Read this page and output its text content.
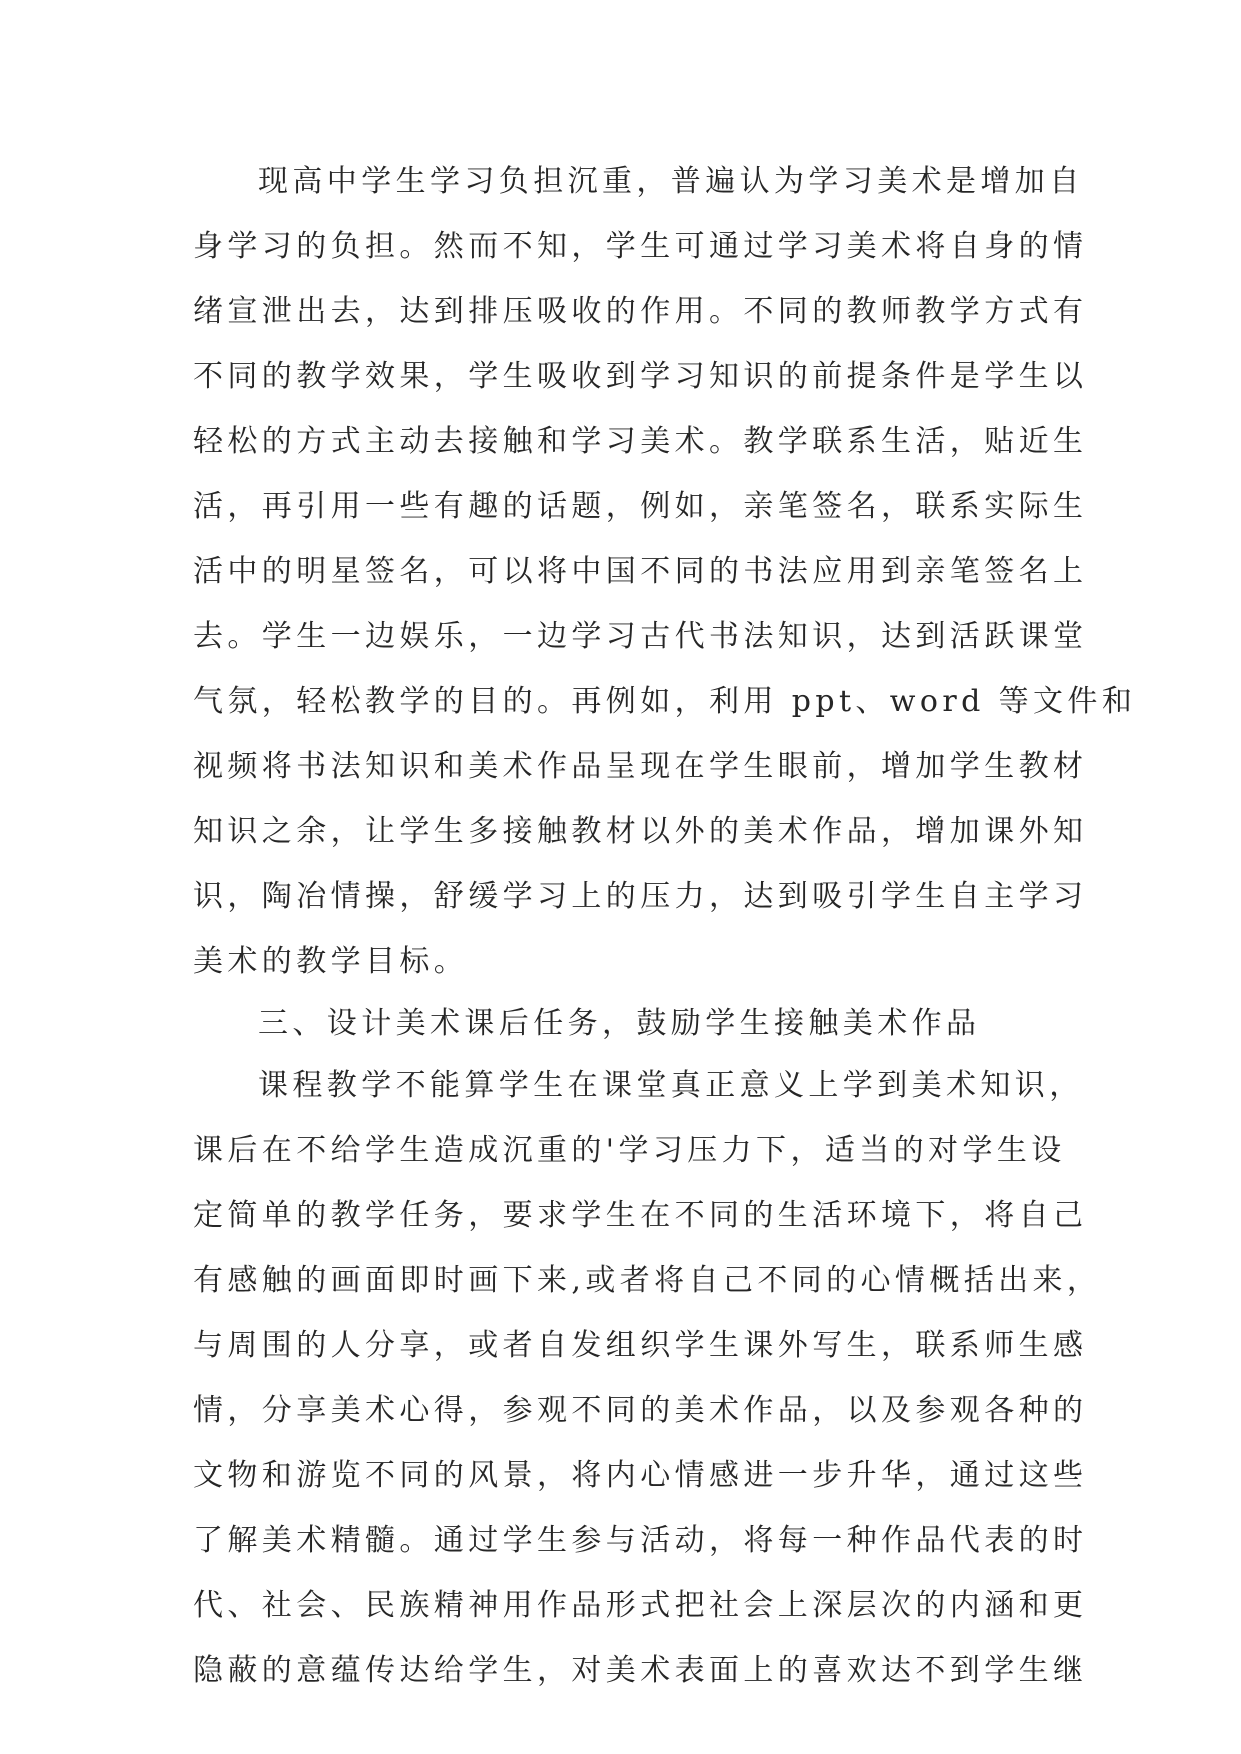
现高中学生学习负担沉重，普遍认为学习美术是增加自

身学习的负担。然而不知，学生可通过学习美术将自身的情

绪宣泄出去，达到排压吸收的作用。不同的教师教学方式有

不同的教学效果，学生吸收到学习知识的前提条件是学生以

轻松的方式主动去接触和学习美术。教学联系生活，贴近生

活，再引用一些有趣的话题，例如，亲笔签名，联系实际生

活中的明星签名，可以将中国不同的书法应用到亲笔签名上

去。学生一边娱乐，一边学习古代书法知识，达到活跃课堂

气氛，轻松教学的目的。再例如，利用 ppt、word 等文件和

视频将书法知识和美术作品呈现在学生眼前，增加学生教材

知识之余，让学生多接触教材以外的美术作品，增加课外知

识，陶冶情操，舒缓学习上的压力，达到吸引学生自主学习

美术的教学目标。

三、设计美术课后任务，鼓励学生接触美术作品

课程教学不能算学生在课堂真正意义上学到美术知识，

课后在不给学生造成沉重的'学习压力下，适当的对学生设

定简单的教学任务，要求学生在不同的生活环境下，将自己

有感触的画面即时画下来,或者将自己不同的心情概括出来，

与周围的人分享，或者自发组织学生课外写生，联系师生感

情，分享美术心得，参观不同的美术作品，以及参观各种的

文物和游览不同的风景，将内心情感进一步升华，通过这些

了解美术精髓。通过学生参与活动，将每一种作品代表的时

代、社会、民族精神用作品形式把社会上深层次的内涵和更

隐蔽的意蕴传达给学生，对美术表面上的喜欢达不到学生继
